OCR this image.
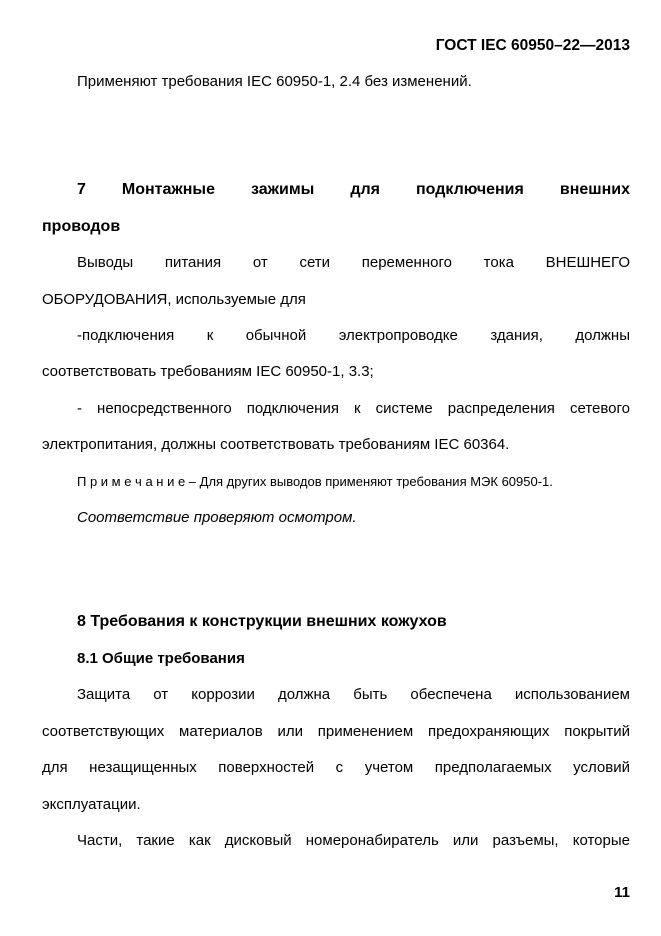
ГОСТ IEC 60950–22—2013
Применяют требования IEC 60950-1, 2.4 без изменений.
7 Монтажные зажимы для подключения внешних
проводов
Выводы питания от сети переменного тока ВНЕШНЕГО
ОБОРУДОВАНИЯ, используемые для
-подключения к обычной электропроводке здания, должны
соответствовать требованиям IEC 60950-1, 3.3;
- непосредственного подключения к системе распределения сетевого
электропитания, должны соответствовать требованиям IEC 60364.
П р и м е ч а н и е – Для других выводов применяют требования МЭК 60950-1.
Соответствие проверяют осмотром.
8 Требования к конструкции внешних кожухов
8.1 Общие требования
Защита от коррозии должна быть обеспечена использованием
соответствующих материалов или применением предохраняющих покрытий
для незащищенных поверхностей с учетом предполагаемых условий
эксплуатации.
Части, такие как дисковый номеронабиратель или разъемы, которые
11
